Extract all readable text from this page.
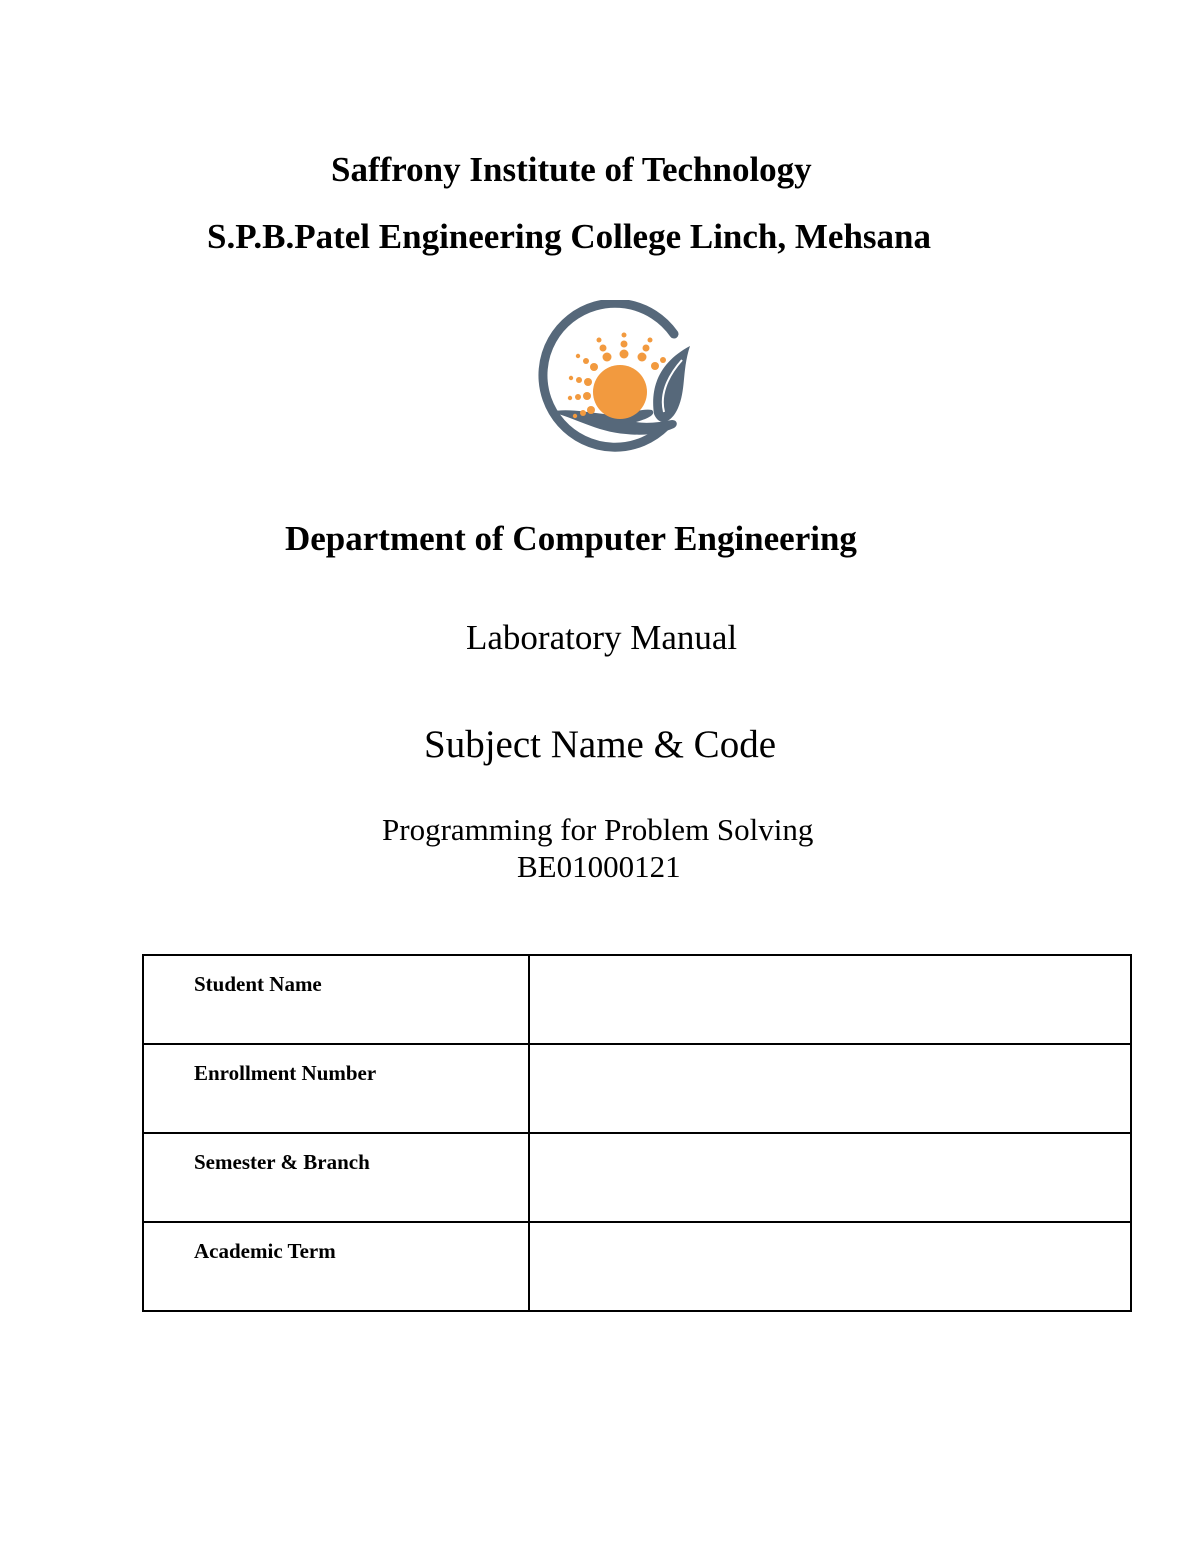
Saffrony Institute of Technology
S.P.B.Patel Engineering College Linch, Mehsana
Department of Computer Engineering
Laboratory Manual
Subject Name & Code
Programming for Problem Solving
BE01000121
Student Name	
Enrollment Number	
Semester & Branch	
Academic Term	
